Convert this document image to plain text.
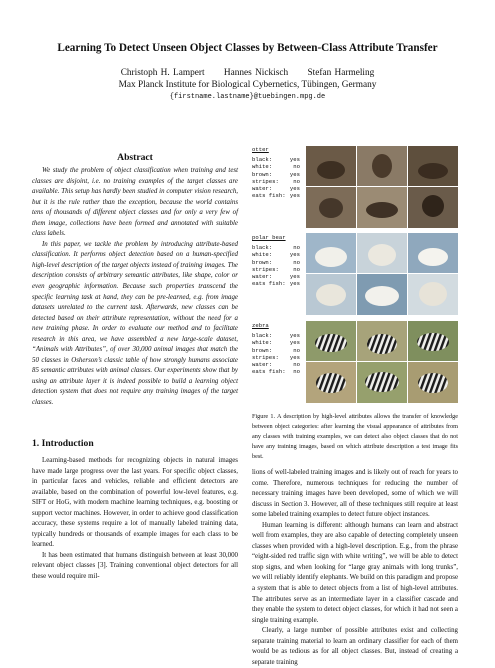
Learning To Detect Unseen Object Classes by Between-Class Attribute Transfer
Christoph H. Lampert Hannes Nickisch Stefan Harmeling
Max Planck Institute for Biological Cybernetics, Tübingen, Germany
{firstname.lastname}@tuebingen.mpg.de
Abstract

We study the problem of object classification when training and test classes are disjoint, i.e. no training examples of the target classes are available. This setup has hardly been studied in computer vision research, but it is the rule rather than the exception, because the world contains tens of thousands of different object classes and for only a very few of them image, collections have been formed and annotated with suitable class labels.

In this paper, we tackle the problem by introducing attribute-based classification. It performs object detection based on a human-specified high-level description of the target objects instead of training images. The description consists of arbitrary semantic attributes, like shape, color or even geographic information. Because such properties transcend the specific learning task at hand, they can be pre-learned, e.g. from image datasets unrelated to the current task. Afterwards, new classes can be detected based on their attribute representation, without the need for a new training phase. In order to evaluate our method and to facilitate research in this area, we have assembled a new large-scale dataset, “Animals with Attributes”, of over 30,000 animal images that match the 50 classes in Osherson’s classic table of how strongly humans associate 85 semantic attributes with animal classes. Our experiments show that by using an attribute layer it is indeed possible to build a learning object detection system that does not require any training images of the target classes.

1. Introduction

Learning-based methods for recognizing objects in natural images have made large progress over the last years. For specific object classes, in particular faces and vehicles, reliable and efficient detectors are available, based on the combination of powerful low-level features, e.g. SIFT or HoG, with modern machine learning techniques, e.g. boosting or support vector machines. However, in order to achieve good classification accuracy, these systems require a lot of manually labeled training data, typically hundreds or thousands of example images for each class to be learned.

It has been estimated that humans distinguish between at least 30,000 relevant object classes [3]. Training conventional object detectors for all these would require mil-

otter
black:	yes
white:	no
brown:	yes
stripes:	no
water:	yes
eats fish: yes
polar bear
black:	no
white:	yes
brown:	no
stripes:	no
water:	yes
eats fish: yes
zebra
black:	yes
white:	yes
brown:	no
stripes: yes
water:	no
eats fish: no
Figure 1. A description by high-level attributes allows the transfer of knowledge between object categories: after learning the visual appearance of attributes from any classes with training examples, we can detect also object classes that do not have any training images, based on which attribute description a test image fits best.

lions of well-labeled training images and is likely out of reach for years to come. Therefore, numerous techniques for reducing the number of necessary training images have been developed, some of which we will discuss in Section 3. However, all of these techniques still require at least some labeled training examples to detect future object instances.

Human learning is different: although humans can learn and abstract well from examples, they are also capable of detecting completely unseen classes when provided with a high-level description. E.g., from the phrase “eight-sided red traffic sign with white writing”, we will be able to detect stop signs, and when looking for “large gray animals with long trunks”, we will reliably identify elephants. We build on this paradigm and propose a system that is able to detect objects from a list of high-level attributes. The attributes serve as an intermediate layer in a classifier cascade and they enable the system to detect object classes, for which it had not seen a single training example.

Clearly, a large number of possible attributes exist and collecting separate training material to learn an ordinary classifier for each of them would be as tedious as for all object classes. But, instead of creating a separate training
